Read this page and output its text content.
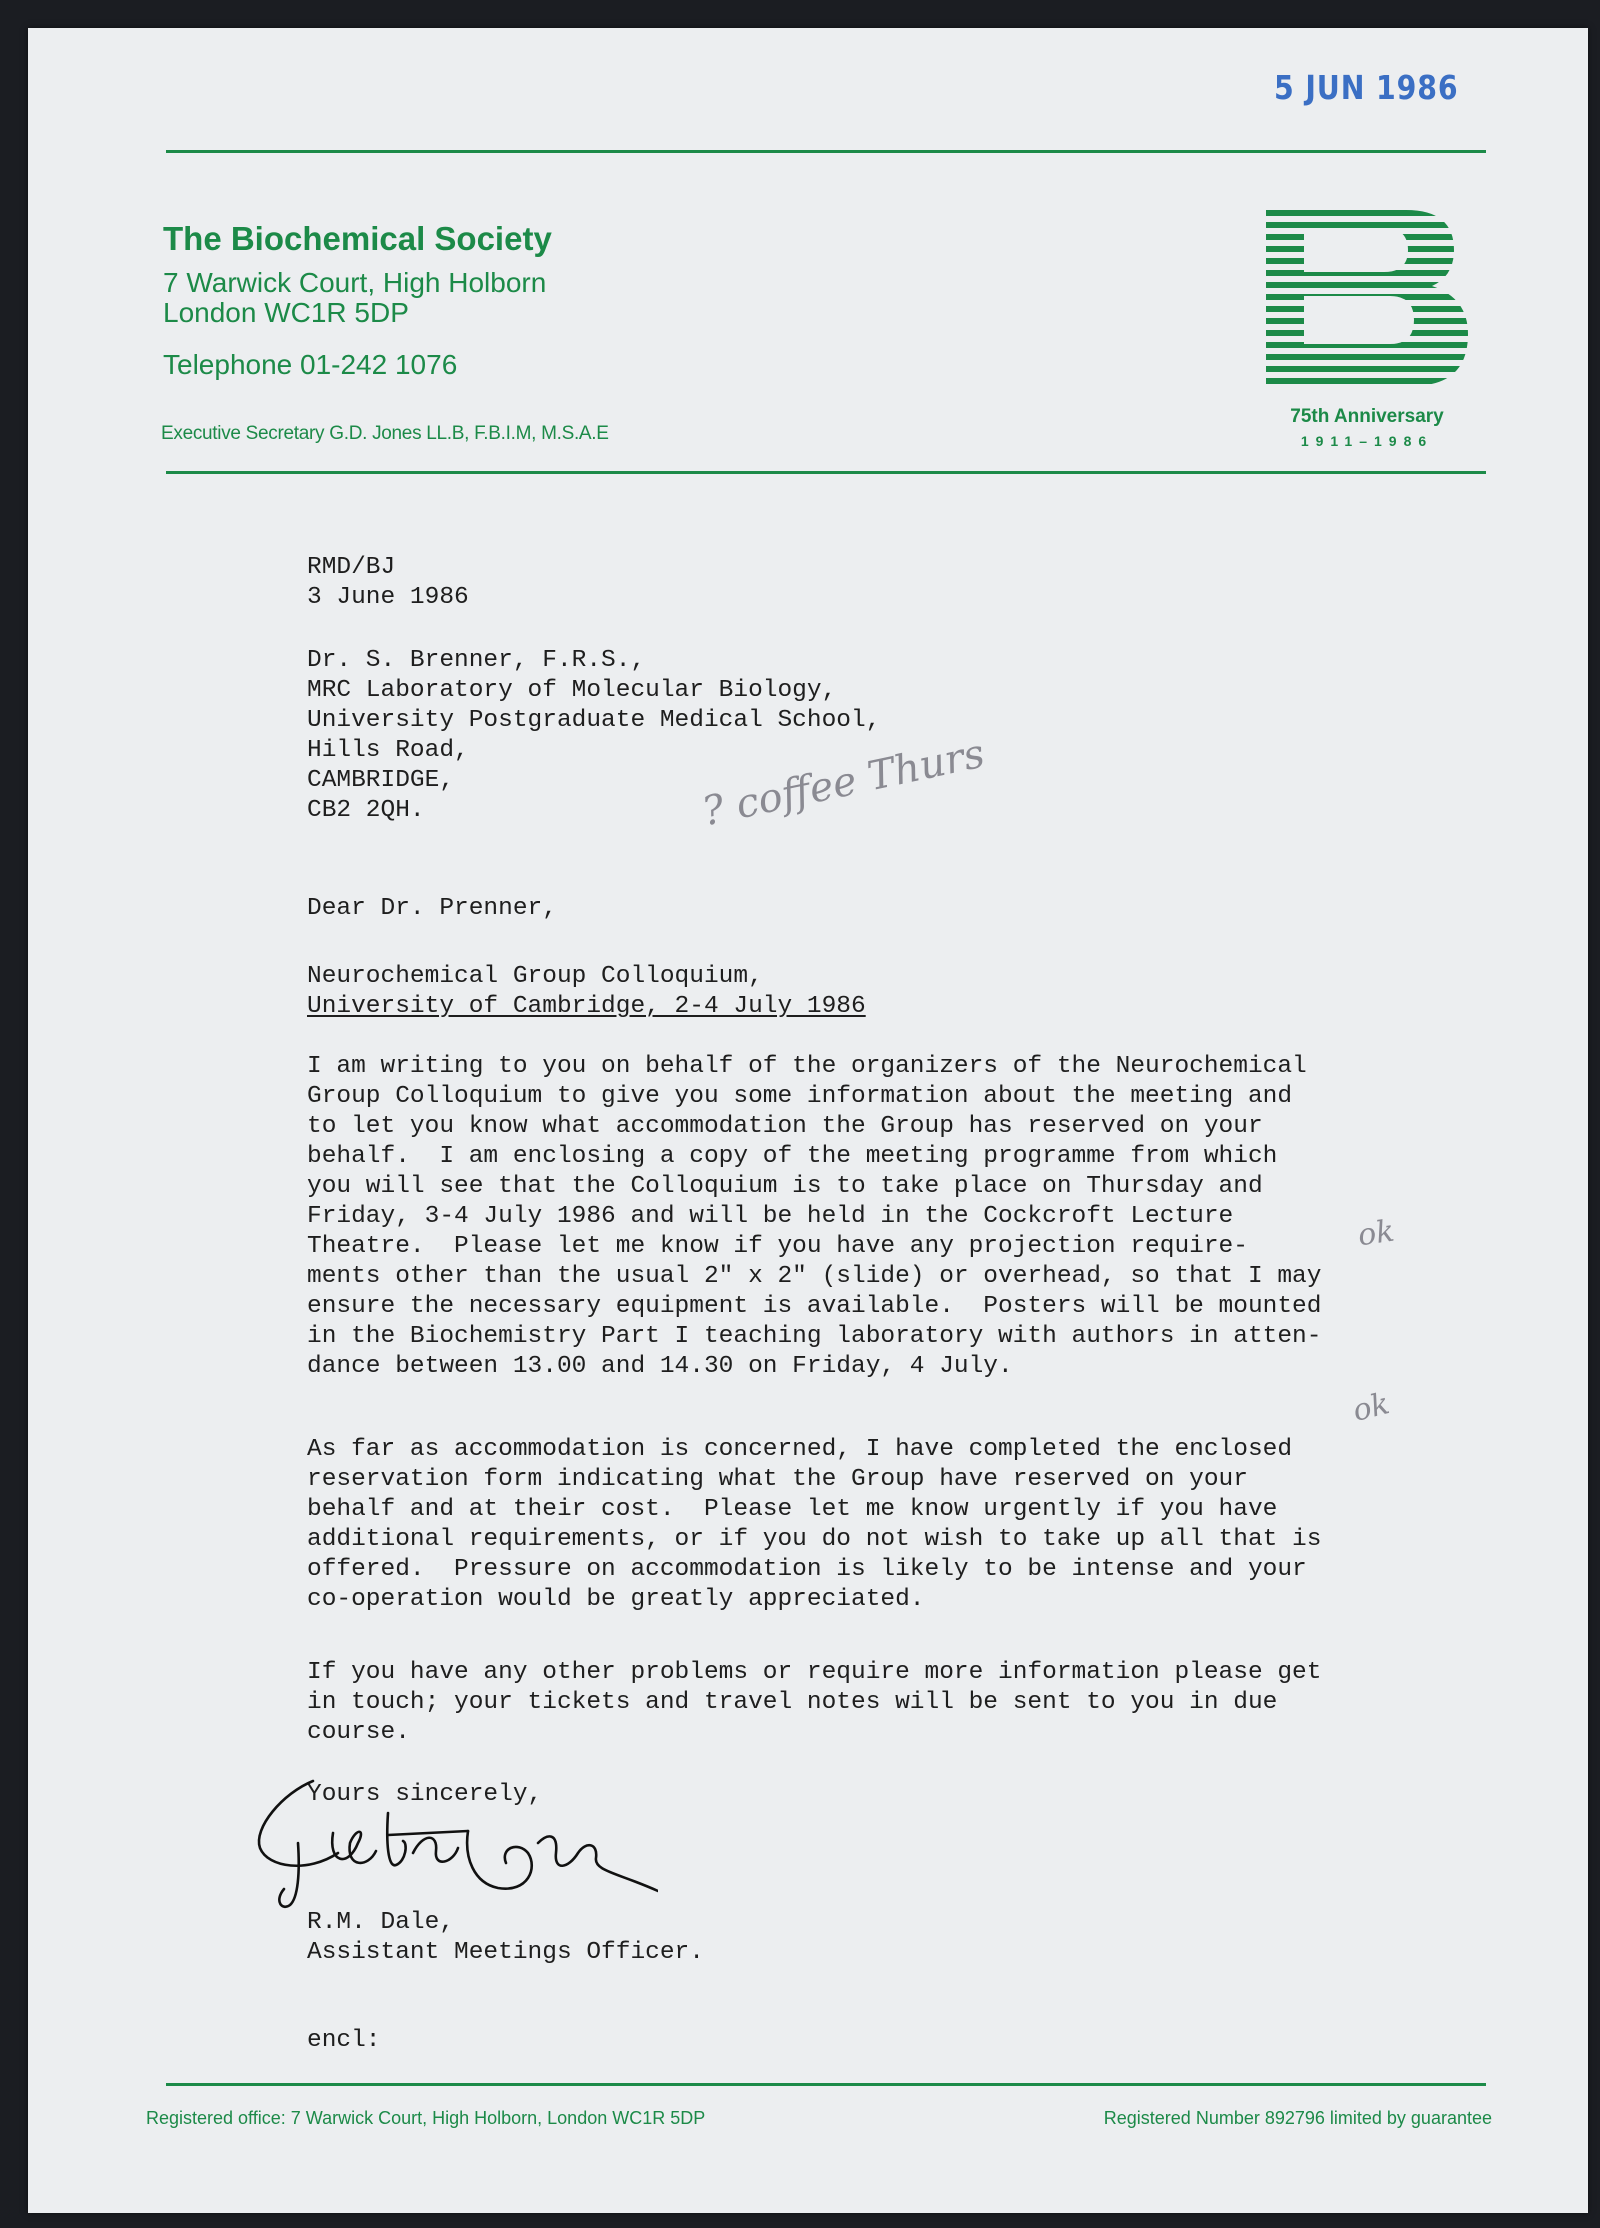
5 JUN 1986
The Biochemical Society
7 Warwick Court, High Holborn
London WC1R 5DP
Telephone 01-242 1076
Executive Secretary G.D. Jones LL.B, F.B.I.M, M.S.A.E
75th Anniversary
1911–1986
RMD/BJ
3 June 1986
Dr. S. Brenner, F.R.S.,
MRC Laboratory of Molecular Biology,
University Postgraduate Medical School,
Hills Road,
CAMBRIDGE,
CB2 2QH.	? coffee Thurs
Dear Dr. Prenner,
Neurochemical Group Colloquium,
University of Cambridge, 2-4 July 1986
I am writing to you on behalf of the organizers of the Neurochemical
Group Colloquium to give you some information about the meeting and
to let you know what accommodation the Group has reserved on your
behalf.  I am enclosing a copy of the meeting programme from which
you will see that the Colloquium is to take place on Thursday and
Friday, 3-4 July 1986 and will be held in the Cockcroft Lecture
Theatre.  Please let me know if you have any projection require-
ments other than the usual 2" x 2" (slide) or overhead, so that I may
ensure the necessary equipment is available.  Posters will be mounted
in the Biochemistry Part I teaching laboratory with authors in atten-
dance between 13.00 and 14.30 on Friday, 4 July.
ok
ok
As far as accommodation is concerned, I have completed the enclosed
reservation form indicating what the Group have reserved on your
behalf and at their cost.  Please let me know urgently if you have
additional requirements, or if you do not wish to take up all that is
offered.  Pressure on accommodation is likely to be intense and your
co-operation would be greatly appreciated.
If you have any other problems or require more information please get
in touch; your tickets and travel notes will be sent to you in due
course.
Yours sincerely,
R.M. Dale,
Assistant Meetings Officer.
encl:
Registered office: 7 Warwick Court, High Holborn, London WC1R 5DP	Registered Number 892796 limited by guarantee
